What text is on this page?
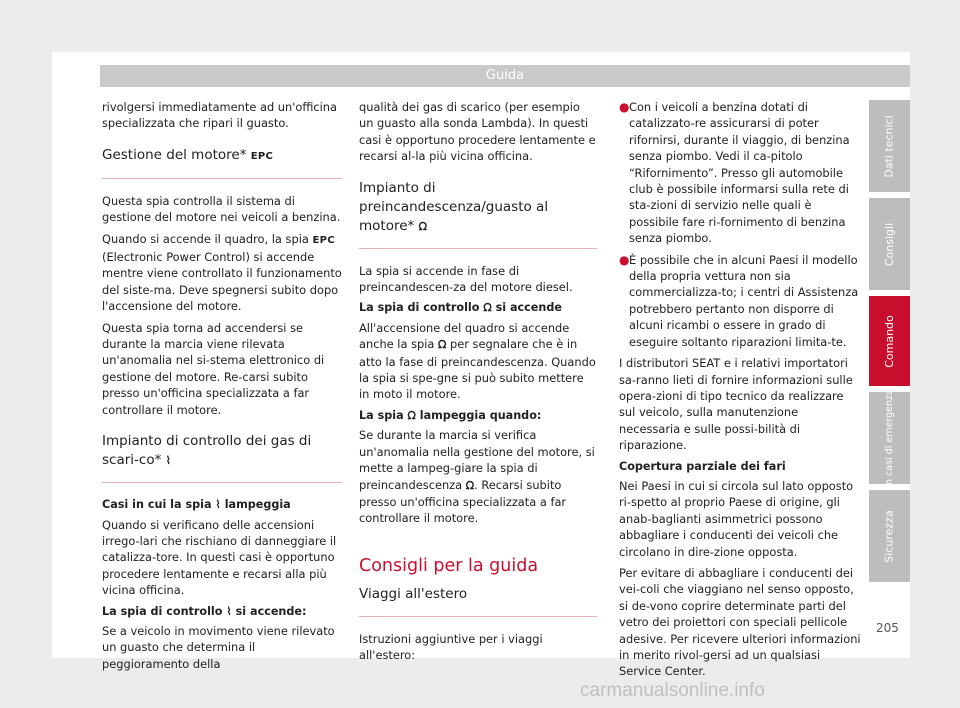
Guida

rivolgersi immediatamente ad un'officina specializzata che ripari il guasto.

Gestione del motore* EPC

Questa spia controlla il sistema di gestione del motore nei veicoli a benzina.

Quando si accende il quadro, la spia EPC (Electronic Power Control) si accende mentre viene controllato il funzionamento del siste-ma. Deve spegnersi subito dopo l'accensione del motore.

Questa spia torna ad accendersi se durante la marcia viene rilevata un'anomalia nel si-stema elettronico di gestione del motore. Re-carsi subito presso un'officina specializzata a far controllare il motore.

Impianto di controllo dei gas di scari-co* ⌇
Casi in cui la spia ⌇ lampeggia

Quando si verificano delle accensioni irrego-lari che rischiano di danneggiare il catalizza-tore. In questi casi è opportuno procedere lentamente e recarsi alla più vicina officina.

La spia di controllo ⌇ si accende:

Se a veicolo in movimento viene rilevato un guasto che determina il peggioramento della

qualità dei gas di scarico (per esempio un guasto alla sonda Lambda). In questi casi è opportuno procedere lentamente e recarsi al-la più vicina officina.

Impianto di preincandescenza/guasto al motore* ᘯ

La spia si accende in fase di preincandescen-za del motore diesel.

La spia di controllo ᘯ si accende

All'accensione del quadro si accende anche la spia ᘯ per segnalare che è in atto la fase di preincandescenza. Quando la spia si spe-gne si può subito mettere in moto il motore.

La spia ᘯ lampeggia quando:

Se durante la marcia si verifica un'anomalia nella gestione del motore, si mette a lampeg-giare la spia di preincandescenza ᘯ. Recarsi subito presso un'officina specializzata a far controllare il motore.

Consigli per la guida
Viaggi all'estero

Istruzioni aggiuntive per i viaggi all'estero:

● Con i veicoli a benzina dotati di catalizzato-re assicurarsi di poter rifornirsi, durante il viaggio, di benzina senza piombo. Vedi il ca-pitolo “Rifornimento”. Presso gli automobile club è possibile informarsi sulla rete di sta-zioni di servizio nelle quali è possibile fare ri-fornimento di benzina senza piombo.
● È possibile che in alcuni Paesi il modello della propria vettura non sia commercializza-to; i centri di Assistenza potrebbero pertanto non disporre di alcuni ricambi o essere in grado di eseguire soltanto riparazioni limita-te.

I distributori SEAT e i relativi importatori sa-ranno lieti di fornire informazioni sulle opera-zioni di tipo tecnico da realizzare sul veicolo, sulla manutenzione necessaria e sulle possi-bilità di riparazione.

Copertura parziale dei fari

Nei Paesi in cui si circola sul lato opposto ri-spetto al proprio Paese di origine, gli anab-baglianti asimmetrici possono abbagliare i conducenti dei veicoli che circolano in dire-zione opposta.

Per evitare di abbagliare i conducenti dei vei-coli che viaggiano nel senso opposto, si de-vono coprire determinate parti del vetro dei proiettori con speciali pellicole adesive. Per ricevere ulteriori informazioni in merito rivol-gersi ad un qualsiasi Service Center.

Dati tecnici
Consigli
Comando
In casi di emergenza
Sicurezza
205
carmanualsonline.info
